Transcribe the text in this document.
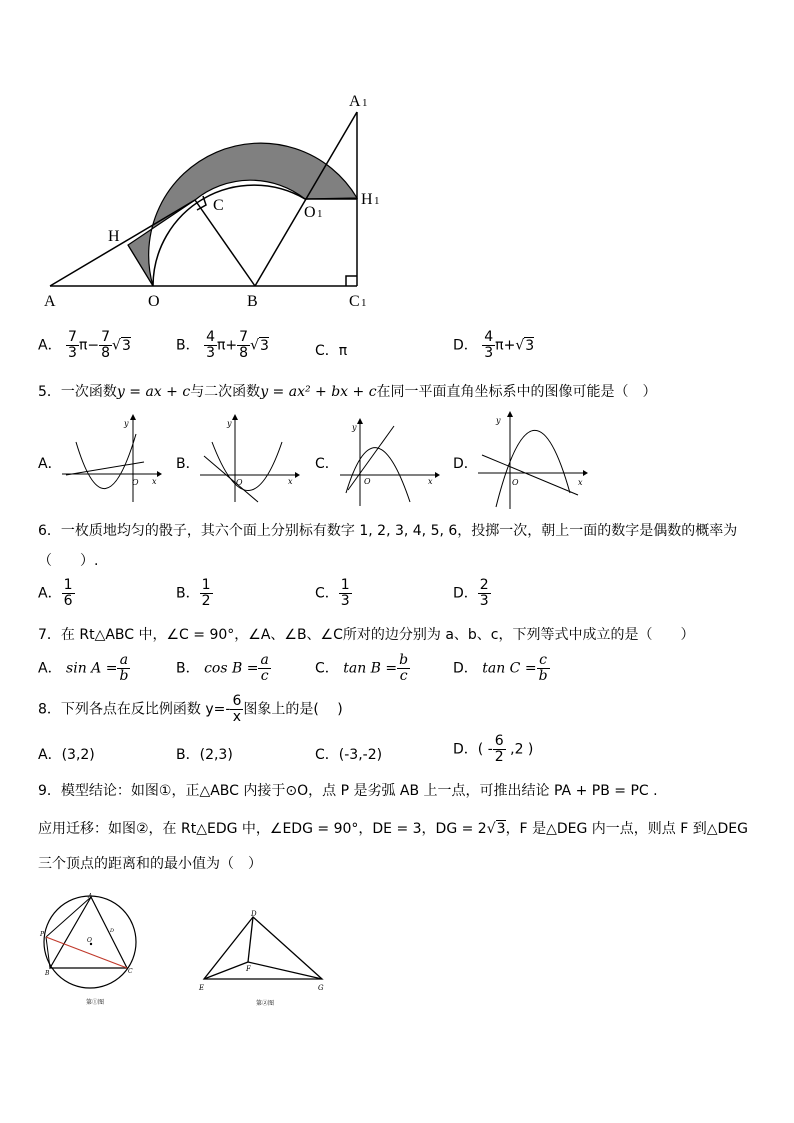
A 1
H 1
C	O 1
H
A	O	B	C 1
A． $\frac{7}{3} \pi- \frac{7}{8} √3$	B． $\frac{4}{3} \pi+ \frac{7}{8} √3$	C．π	D． $\frac{4}{3} \pi+√3$
5．一次函数y = ax + c与二次函数y = ax² + bx + c在同一平面直角坐标系中的图像可能是（　）
A．	B．	C．	D．
y
x
O
y
x
O
y
x
O
y
x
O
6．一枚质地均匀的骰子，其六个面上分别标有数字 1, 2, 3, 4, 5, 6，投掷一次，朝上一面的数字是偶数的概率为
（　　）.
A． $\frac{1}{6}$	B． $\frac{1}{2}$	C． $\frac{1}{3}$	D． $\frac{2}{3}$
7．在 Rt△ABC 中，∠C = 90°，∠A、∠B、∠C所对的边分别为 a、b、c，下列等式中成立的是（　　）
A． $\sin A = \frac{a}{b}$	B． $\cos B = \frac{a}{c}$	C． $\tan B = \frac{b}{c}$	D． $\tan C = \frac{c}{b}$
8．下列各点在反比例函数 $y=- \frac{6}{x}$ 图象上的是(　 )
A．(3,2)	B．(2,3)	C．(-3,-2)	D．( - $\frac{6}{2} ,2$ )
9．模型结论：如图①，正△ABC 内接于⊙O，点 P 是劣弧 AB 上一点，可推出结论 PA + PB = PC .
应用迁移：如图②，在 Rt△EDG 中，∠EDG = 90°，DE = 3，DG = 2√3，F 是△DEG 内一点，则点 F 到△DEG
三个顶点的距离和的最小值为（　）
A
P
O
D
B	C
第①图
D
F
E	G
第②图
